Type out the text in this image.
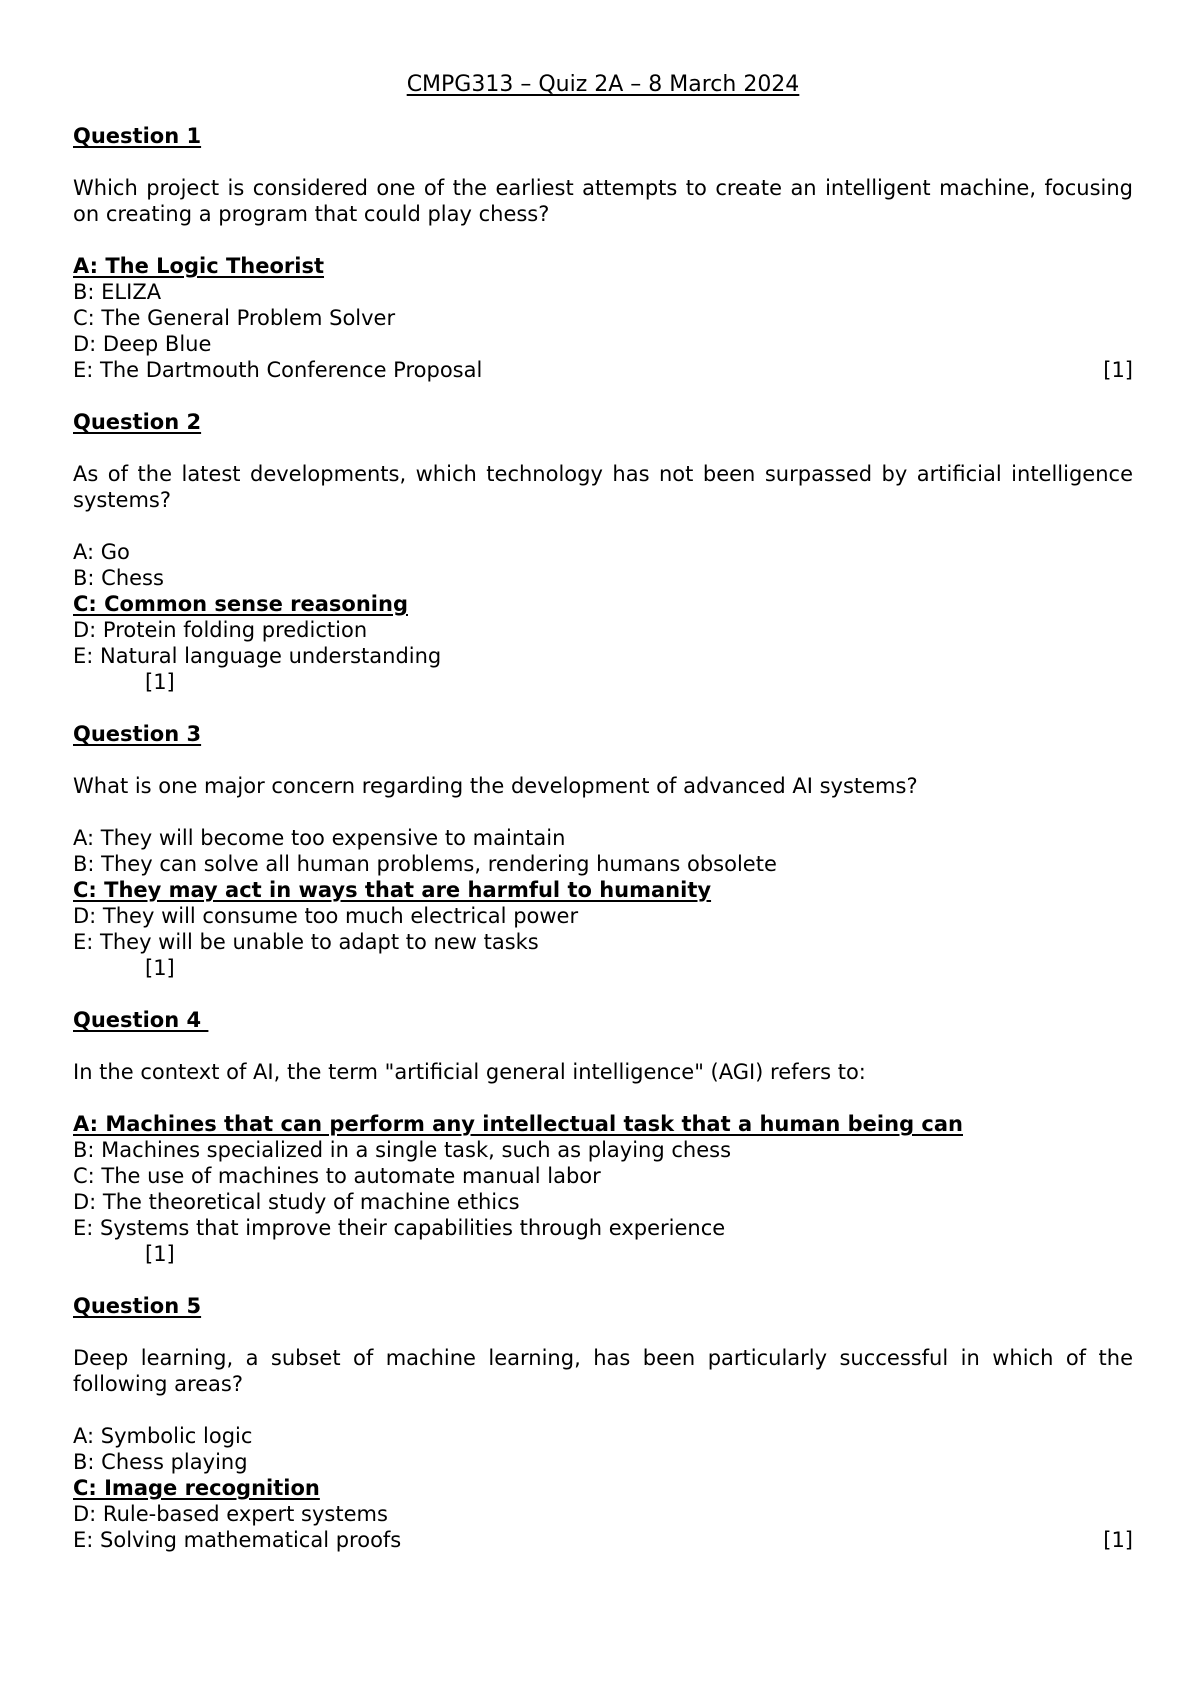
CMPG313 – Quiz 2A – 8 March 2024
Question 1
Which project is considered one of the earliest attempts to create an intelligent machine, focusing on creating a program that could play chess?
A: The Logic Theorist
B: ELIZA
C: The General Problem Solver
D: Deep Blue
E: The Dartmouth Conference Proposal	[1]
Question 2
As of the latest developments, which technology has not been surpassed by artificial intelligence systems?
A: Go
B: Chess
C: Common sense reasoning
D: Protein folding prediction
E: Natural language understanding
[1]
Question 3
What is one major concern regarding the development of advanced AI systems?
A: They will become too expensive to maintain
B: They can solve all human problems, rendering humans obsolete
C: They may act in ways that are harmful to humanity
D: They will consume too much electrical power
E: They will be unable to adapt to new tasks
[1]
Question 4
In the context of AI, the term "artificial general intelligence" (AGI) refers to:
A: Machines that can perform any intellectual task that a human being can
B: Machines specialized in a single task, such as playing chess
C: The use of machines to automate manual labor
D: The theoretical study of machine ethics
E: Systems that improve their capabilities through experience
[1]
Question 5
Deep learning, a subset of machine learning, has been particularly successful in which of the following areas?
A: Symbolic logic
B: Chess playing
C: Image recognition
D: Rule-based expert systems
E: Solving mathematical proofs	[1]
